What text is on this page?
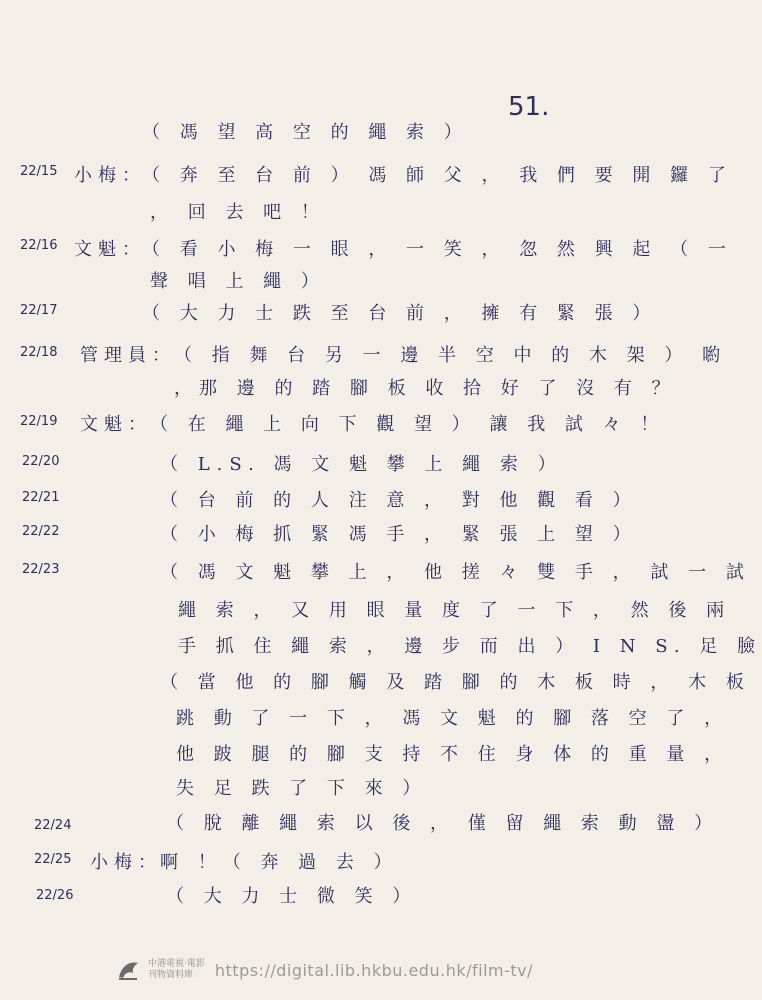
51.
（ 馮 望 高 空 的 繩 索 ）
22/15 小梅：
（ 奔 至 台 前 ） 馮 師 父 ， 我 們 要 開 鑼 了
， 回 去 吧 ！
22/16 文魁：
（ 看 小 梅 一 眼 ， 一 笑 ， 忽 然 興 起 （ 一
聲 唱 上 繩 ）
22/17	（ 大 力 士 跌 至 台 前 ， 擁 有 緊 張 ）
22/18 管理員：
（ 指 舞 台 另 一 邊 半 空 中 的 木 架 ） 喲
，那 邊 的 踏 腳 板 收 拾 好 了 沒 有 ？
22/19 文魁：
（ 在 繩 上 向 下 觀 望 ） 讓 我 試 々 ！
22/20	（ L.S. 馮 文 魁 攀 上 繩 索 ）
22/21	（ 台 前 的 人 注 意 ， 對 他 觀 看 ）
22/22	（ 小 梅 抓 緊 馮 手 ， 緊 張 上 望 ）
22/23	（ 馮 文 魁 攀 上 ， 他 搓 々 雙 手 ， 試 一 試
繩 索 ， 又 用 眼 量 度 了 一 下 ， 然 後 兩
手 抓 住 繩 索 ， 邊 步 而 出 ） I N S. 足 臉
（ 當 他 的 腳 觸 及 踏 腳 的 木 板 時 ， 木 板
跳 動 了 一 下 ， 馮 文 魁 的 腳 落 空 了 ，
他 跛 腿 的 腳 支 持 不 住 身 体 的 重 量 ，
失 足 跌 了 下 來 ）
22/24	（ 脫 離 繩 索 以 後 ， 僅 留 繩 索 動 盪 ）
22/25 小梅：
啊 ！（ 奔 過 去 ）
22/26	（ 大 力 士 微 笑 ）
中港電視‧電影
刊物資料庫	https://digital.lib.hkbu.edu.hk/film-tv/
